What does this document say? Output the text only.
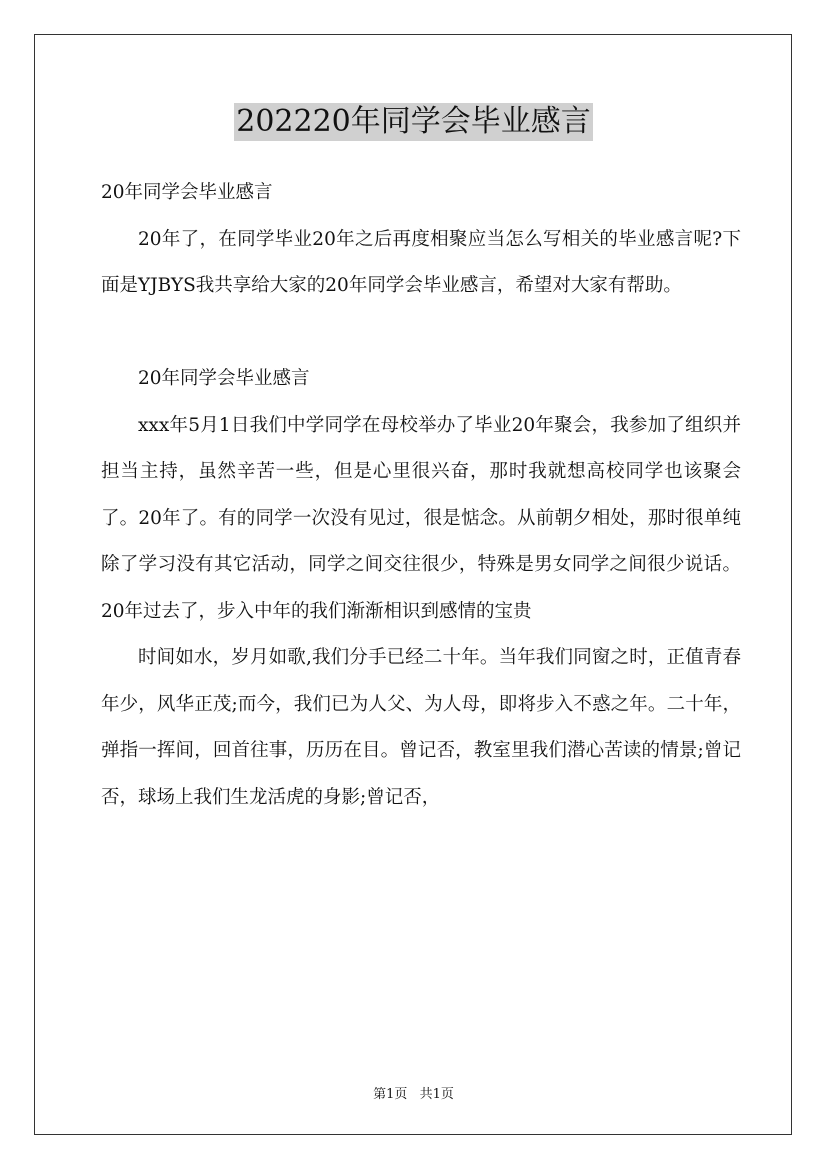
202220年同学会毕业感言

20年同学会毕业感言

20年了，在同学毕业20年之后再度相聚应当怎么写相关的毕业感言呢?下面是YJBYS我共享给大家的20年同学会毕业感言，希望对大家有帮助。

20年同学会毕业感言

xxx年5月1日我们中学同学在母校举办了毕业20年聚会，我参加了组织并担当主持，虽然辛苦一些，但是心里很兴奋，那时我就想高校同学也该聚会了。20年了。有的同学一次没有见过，很是惦念。从前朝夕相处，那时很单纯除了学习没有其它活动，同学之间交往很少，特殊是男女同学之间很少说话。20年过去了，步入中年的我们渐渐相识到感情的宝贵

时间如水，岁月如歌,我们分手已经二十年。当年我们同窗之时，正值青春年少，风华正茂;而今，我们已为人父、为人母，即将步入不惑之年。二十年，弹指一挥间，回首往事，历历在目。曾记否，教室里我们潜心苦读的情景;曾记否，球场上我们生龙活虎的身影;曾记否，

第1页 共1页
